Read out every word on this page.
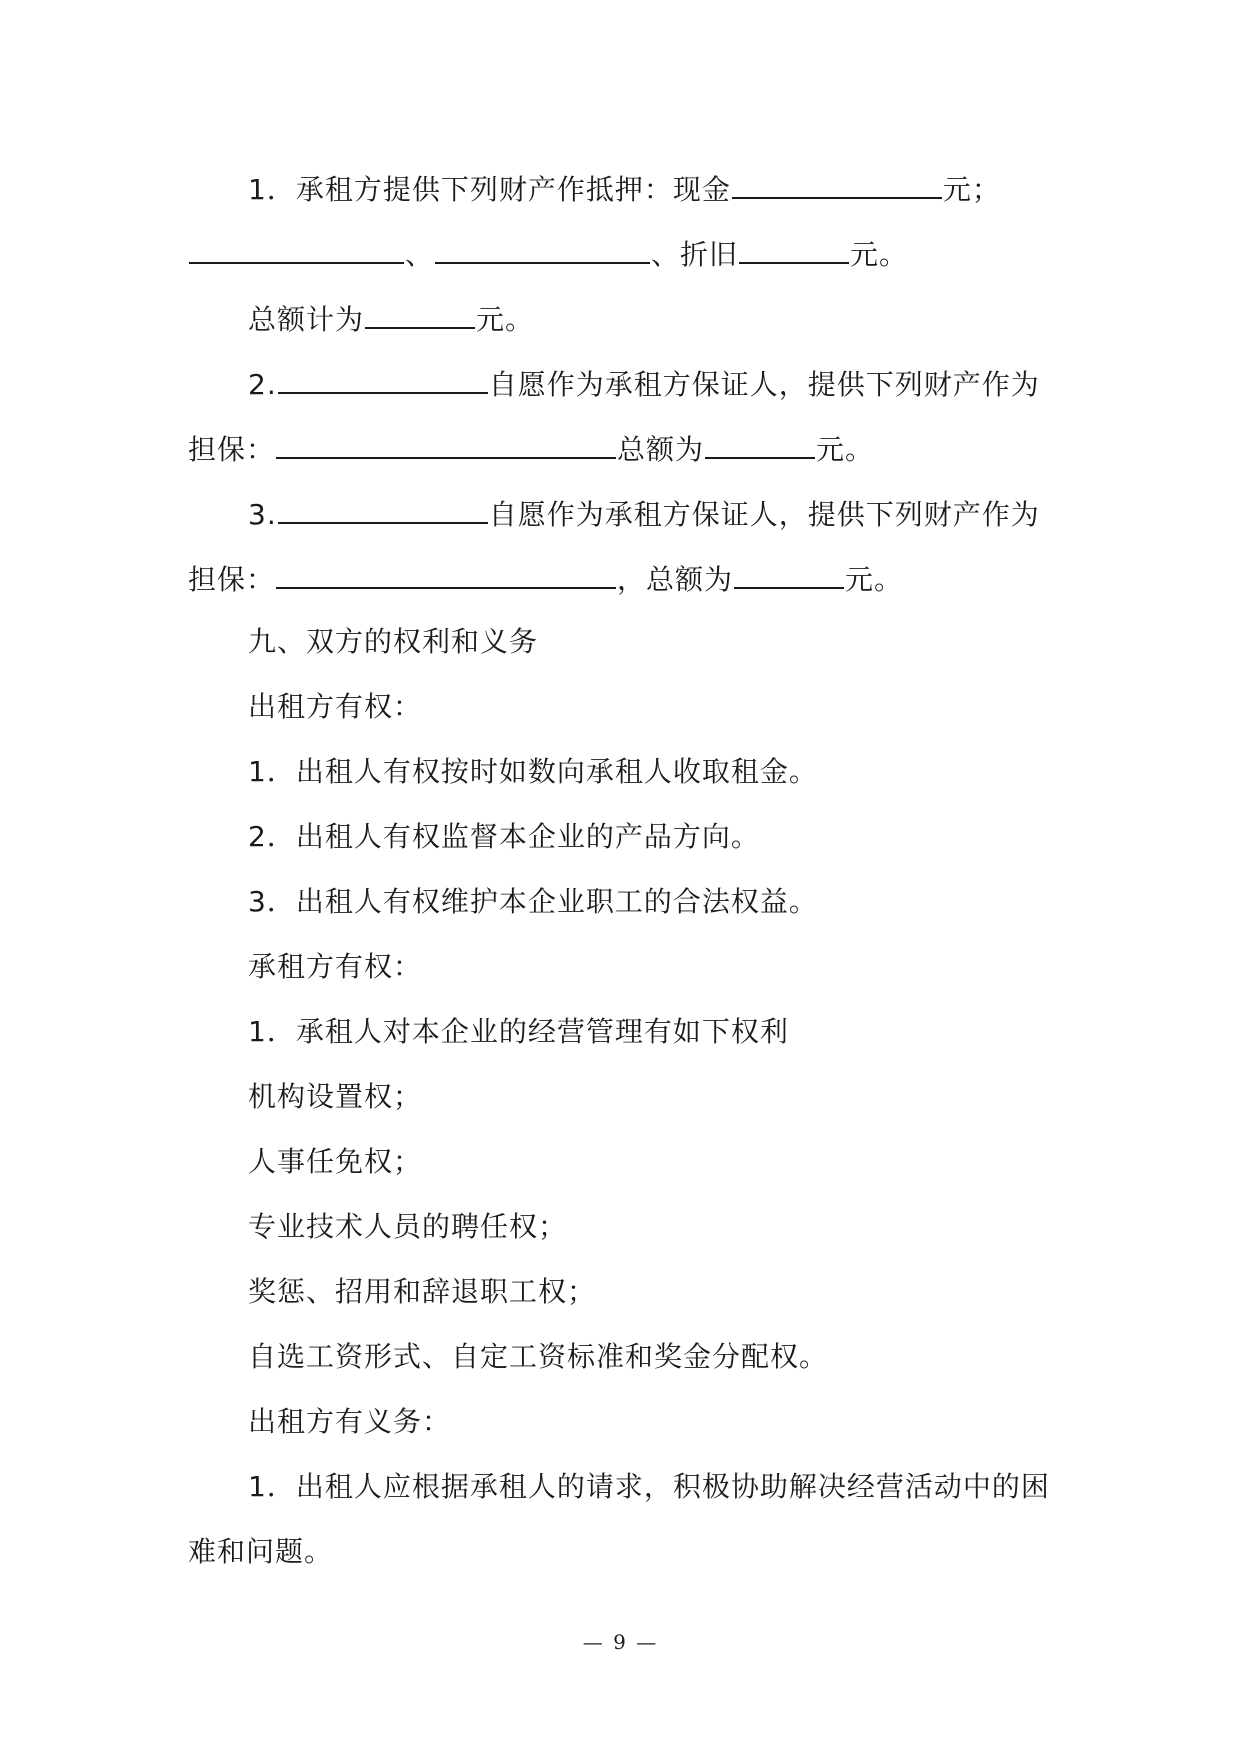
1．承租方提供下列财产作抵押：现金	元；
、	、折旧	元。
总额计为	元。
2.	自愿作为承租方保证人，提供下列财产作为
担保：	总额为	元。
3.	自愿作为承租方保证人，提供下列财产作为
担保：	，总额为	元。
九、双方的权利和义务
出租方有权：
1．出租人有权按时如数向承租人收取租金。
2．出租人有权监督本企业的产品方向。
3．出租人有权维护本企业职工的合法权益。
承租方有权：
1．承租人对本企业的经营管理有如下权利
机构设置权；
人事任免权；
专业技术人员的聘任权；
奖惩、招用和辞退职工权；
自选工资形式、自定工资标准和奖金分配权。
出租方有义务：
1．出租人应根据承租人的请求，积极协助解决经营活动中的困
难和问题。
— 9 —
